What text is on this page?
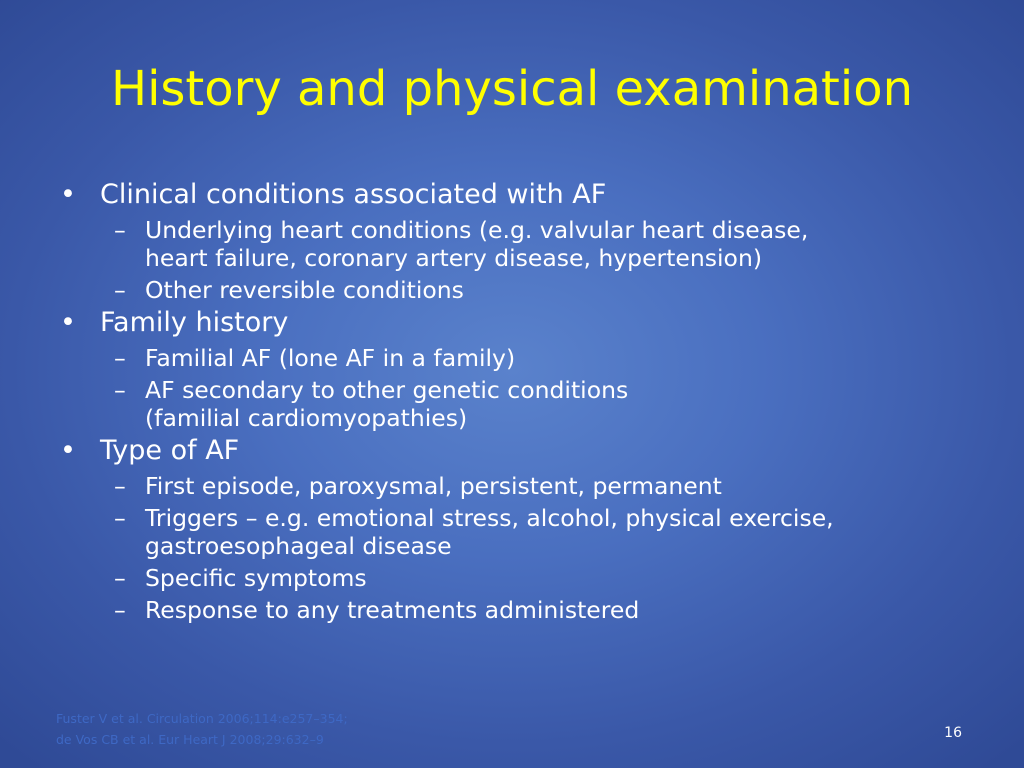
History and physical examination
• Clinical conditions associated with AF
– Underlying heart conditions (e.g. valvular heart disease,
heart failure, coronary artery disease, hypertension)
– Other reversible conditions
• Family history
– Familial AF (lone AF in a family)
– AF secondary to other genetic conditions
(familial cardiomyopathies)
• Type of AF
– First episode, paroxysmal, persistent, permanent
– Triggers – e.g. emotional stress, alcohol, physical exercise,
gastroesophageal disease
– Specific symptoms
– Response to any treatments administered
Fuster V et al. Circulation 2006;114:e257–354;
de Vos CB et al. Eur Heart J 2008;29:632–9	16
